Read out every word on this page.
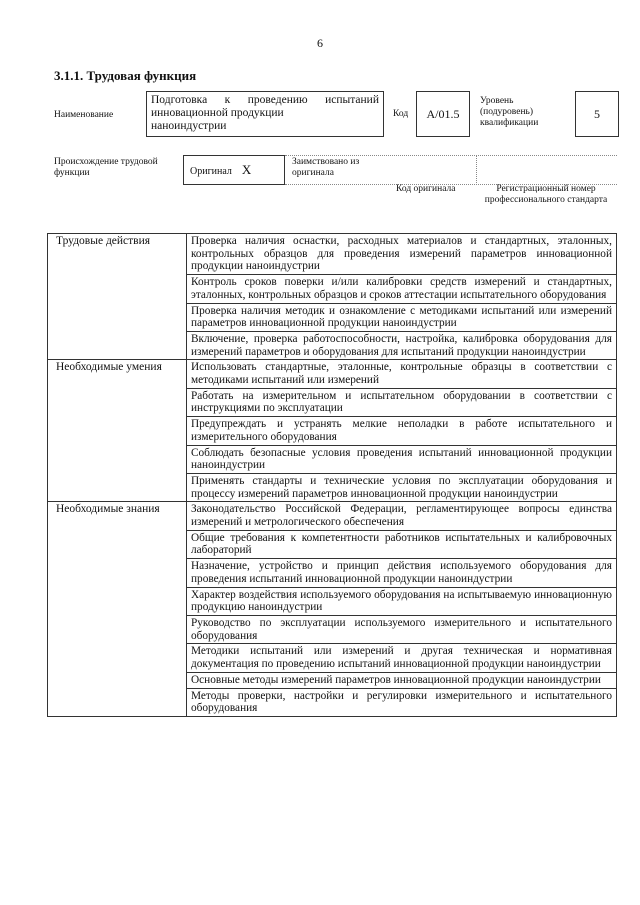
6
3.1.1. Трудовая функция
Наименование
Подготовка к проведению испытаний
инновационной продукции
наноиндустрии
Код	А/01.5
Уровень (подуровень) квалификации
5
Происхождение трудовой функции	Оригинал X	Заимствовано из оригинала
Код оригинала	Регистрационный номер профессионального стандарта
Трудовые действия	Проверка наличия оснастки, расходных материалов и стандартных, эталонных, контрольных образцов для проведения измерений параметров инновационной продукции наноиндустрии
	Контроль сроков поверки и/или калибровки средств измерений и стандартных, эталонных, контрольных образцов и сроков аттестации испытательного оборудования
	Проверка наличия методик и ознакомление с методиками испытаний или измерений параметров инновационной продукции наноиндустрии
	Включение, проверка работоспособности, настройка, калибровка оборудования для измерений параметров и оборудования для испытаний продукции наноиндустрии
Необходимые умения	Использовать стандартные, эталонные, контрольные образцы в соответствии с методиками испытаний или измерений
	Работать на измерительном и испытательном оборудовании в соответствии с инструкциями по эксплуатации
	Предупреждать и устранять мелкие неполадки в работе испытательного и измерительного оборудования
	Соблюдать безопасные условия проведения испытаний инновационной продукции наноиндустрии
	Применять стандарты и технические условия по эксплуатации оборудования и процессу измерений параметров инновационной продукции наноиндустрии
Необходимые знания	Законодательство Российской Федерации, регламентирующее вопросы единства измерений и метрологического обеспечения
	Общие требования к компетентности работников испытательных и калибровочных лабораторий
	Назначение, устройство и принцип действия используемого оборудования для проведения испытаний инновационной продукции наноиндустрии
	Характер воздействия используемого оборудования на испытываемую инновационную продукцию наноиндустрии
	Руководство по эксплуатации используемого измерительного и испытательного оборудования
	Методики испытаний или измерений и другая техническая и нормативная документация по проведению испытаний инновационной продукции наноиндустрии
	Основные методы измерений параметров инновационной продукции наноиндустрии
	Методы проверки, настройки и регулировки измерительного и испытательного оборудования
